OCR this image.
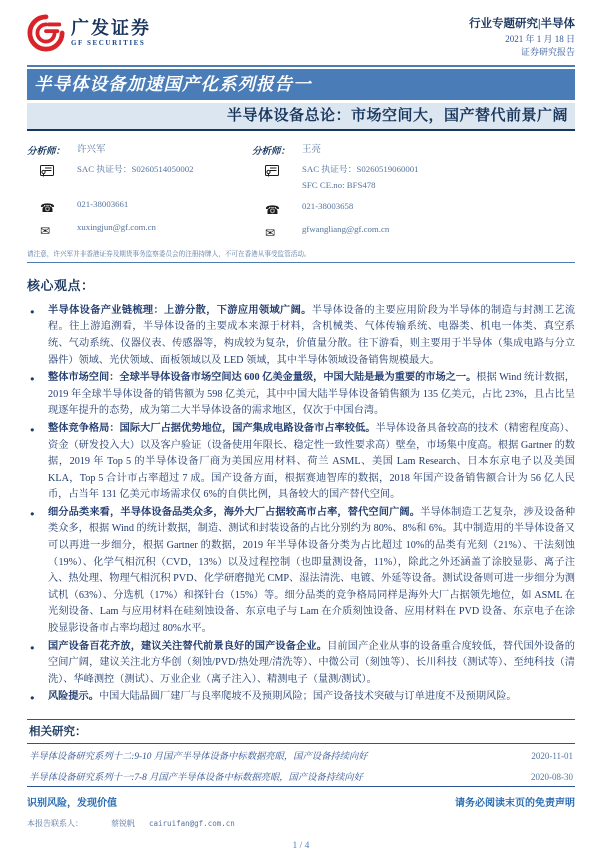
广发证券
GF SECURITIES
行业专题研究|半导体
2021 年 1 月 18 日
证券研究报告
半导体设备加速国产化系列报告一
半导体设备总论：市场空间大，国产替代前景广阔
分析师：	许兴军
SAC 执证号：S0260514050002
☎	021-38003661
✉	xuxingjun@gf.com.cn
分析师：	王亮
SAC 执证号：S0260519060001
SFC CE.no: BFS478
☎	021-38003658
✉	gfwangliang@gf.com.cn
请注意，许兴军并非香港证券及期货事务监察委员会的注册持牌人，不可在香港从事受监管活动。
核心观点：
● 半导体设备产业链梳理：上游分散，下游应用领域广阔。半导体设备的主要应用阶段为半导体的制造与封测工艺流程。往上游追溯看，半导体设备的主要成本来源于材料，含机械类、气体传输系统、电器类、机电一体类、真空系统、气动系统、仪器仪表、传感器等，构成较为复杂，价值量分散。往下游看，则主要用于半导体（集成电路与分立器件）领域、光伏领域、面板领域以及 LED 领域，其中半导体领域设备销售规模最大。
● 整体市场空间：全球半导体设备市场空间达 600 亿美金量级，中国大陆是最为重要的市场之一。根据 Wind 统计数据，2019 年全球半导体设备的销售额为 598 亿美元，其中中国大陆半导体设备销售额为 135 亿美元，占比 23%，且占比呈现逐年提升的态势，成为第二大半导体设备的需求地区，仅次于中国台湾。
● 整体竞争格局：国际大厂占据优势地位，国产集成电路设备市占率较低。半导体设备具备较高的技术（精密程度高）、资金（研发投入大）以及客户验证（设备使用年限长、稳定性一致性要求高）壁垒，市场集中度高。根据 Gartner 的数据，2019 年 Top 5 的半导体设备厂商为美国应用材料、荷兰 ASML、美国 Lam Research、日本东京电子以及美国 KLA，Top 5 合计市占率超过 7 成。国产设备方面，根据赛迪智库的数据，2018 年国产设备销售额合计为 56 亿人民币，占当年 131 亿美元市场需求仅 6%的自供比例，具备较大的国产替代空间。
● 细分品类来看，半导体设备品类众多，海外大厂占据较高市占率，替代空间广阔。半导体制造工艺复杂，涉及设备种类众多，根据 Wind 的统计数据，制造、测试和封装设备的占比分别约为 80%、8%和 6%。其中制造用的半导体设备又可以再进一步细分，根据 Gartner 的数据，2019 年半导体设备分类为占比超过 10%的品类有光刻（21%）、干法刻蚀（19%）、化学气相沉积（CVD，13%）以及过程控制（也即量测设备，11%），除此之外还涵盖了涂胶显影、离子注入、热处理、物理气相沉积 PVD、化学研磨抛光 CMP、湿法清洗、电镀、外延等设备。测试设备则可进一步细分为测试机（63%）、分选机（17%）和探针台（15%）等。细分品类的竞争格局同样是海外大厂占据领先地位，如 ASML 在光刻设备、Lam 与应用材料在硅刻蚀设备、东京电子与 Lam 在介质刻蚀设备、应用材料在 PVD 设备、东京电子在涂胶显影设备市占率均超过 80%水平。
● 国产设备百花齐放，建议关注替代前景良好的国产设备企业。目前国产企业从事的设备重合度较低，替代国外设备的空间广阔，建议关注北方华创（刻蚀/PVD/热处理/清洗等）、中微公司（刻蚀等）、长川科技（测试等）、至纯科技（清洗）、华峰测控（测试）、万业企业（离子注入）、精测电子（量测/测试）。
● 风险提示。中国大陆晶圆厂建厂与良率爬坡不及预期风险；国产设备技术突破与订单进度不及预期风险。
相关研究：
半导体设备研究系列十二:9-10 月国产半导体设备中标数据亮眼，国产设备持续向好	2020-11-01
半导体设备研究系列十一:7-8 月国产半导体设备中标数据亮眼，国产设备持续向好	2020-08-30
识别风险，发现价值	请务必阅读末页的免责声明
本报告联系人：	蔡锐帆 cairuifan@gf.com.cn
1 / 4
